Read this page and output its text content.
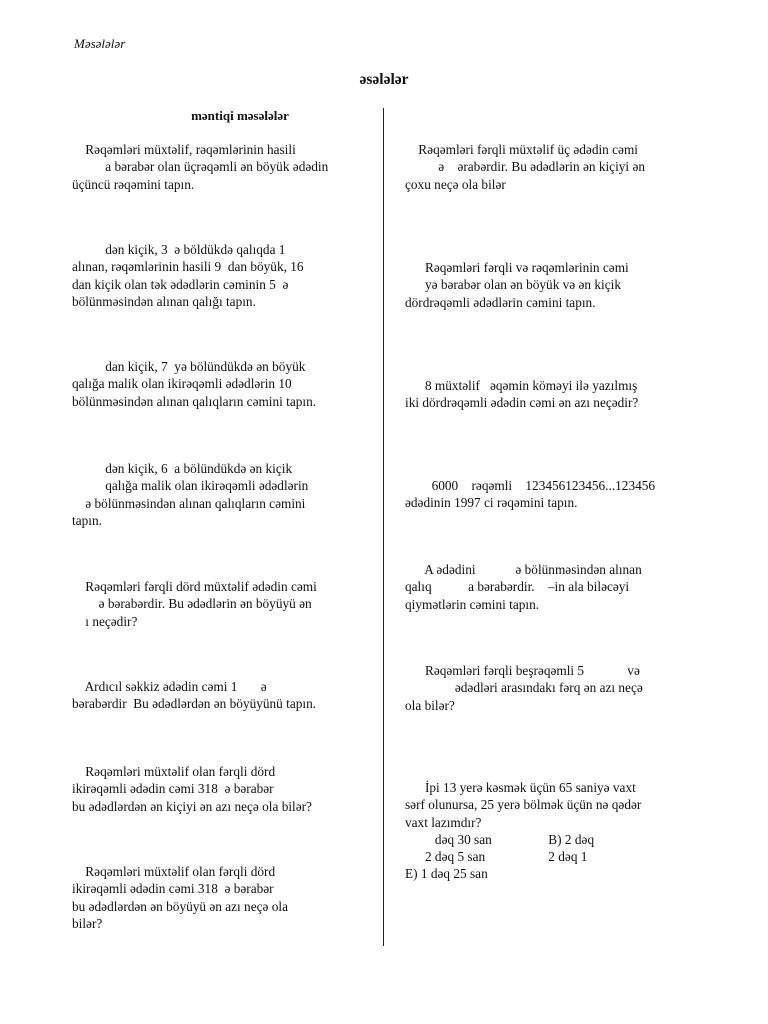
Məsələlər
əsələlər
məntiqi məsələlər
Rəqəmləri müxtəlif, rəqəmlərinin hasili
a bərabər olan üçrəqəmli ən böyük ədədin
üçüncü rəqəmini tapın.
dən kiçik, 3  ə böldükdə qalıqda 1
alınan, rəqəmlərinin hasili 9  dan böyük, 16
dan kiçik olan tək ədədlərin cəminin 5  ə
bölünməsindən alınan qalığı tapın.
dan kiçik, 7  yə bölündükdə ən böyük
qalığa malik olan ikirəqəmli ədədlərin 10
bölünməsindən alınan qalıqların cəmini tapın.
dən kiçik, 6  a bölündükdə ən kiçik
qalığa malik olan ikirəqəmli ədədlərin
ə bölünməsindən alınan qalıqların cəmini
tapın.
Rəqəmləri fərqli dörd müxtəlif ədədin cəmi
ə bərabərdir. Bu ədədlərin ən böyüyü ən
ı neçədir?
Ardıcıl səkkiz ədədin cəmi 1       ə
bərabərdir  Bu ədədlərdən ən böyüyünü tapın.
Rəqəmləri müxtəlif olan fərqli dörd
ikirəqəmli ədədin cəmi 318  ə bərabər
bu ədədlərdən ən kiçiyi ən azı neçə ola bilər?
Rəqəmləri müxtəlif olan fərqli dörd
ikirəqəmli ədədin cəmi 318  ə bərabər
bu ədədlərdən ən böyüyü ən azı neçə ola
bilər?
Rəqəmləri fərqli müxtəlif üç ədədin cəmi
ə    ərabərdir. Bu ədədlərin ən kiçiyi ən
çoxu neçə ola bilər
Rəqəmləri fərqli və rəqəmlərinin cəmi
yə bərabər olan ən böyük və ən kiçik
dördrəqəmli ədədlərin cəmini tapın.
8 müxtəlif   əqəmin köməyi ilə yazılmış
iki dördrəqəmli ədədin cəmi ən azı neçədir?
6000    rəqəmli    123456123456...123456
ədədinin 1997 ci rəqəmini tapın.
A ədədini            ə bölünməsindən alınan
qalıq           a bərabərdir.    –in ala biləcəyi
qiymətlərin cəmini tapın.
Rəqəmləri fərqli beşrəqəmli 5             və
ədədləri arasındakı fərq ən azı neçə
ola bilər?
İpi 13 yerə kəsmək üçün 65 saniyə vaxt
sərf olunursa, 25 yerə bölmək üçün nə qədər
vaxt lazımdır?
dəq 30 san                 B) 2 dəq
2 dəq 5 san                   2 dəq 1
E) 1 dəq 25 san
